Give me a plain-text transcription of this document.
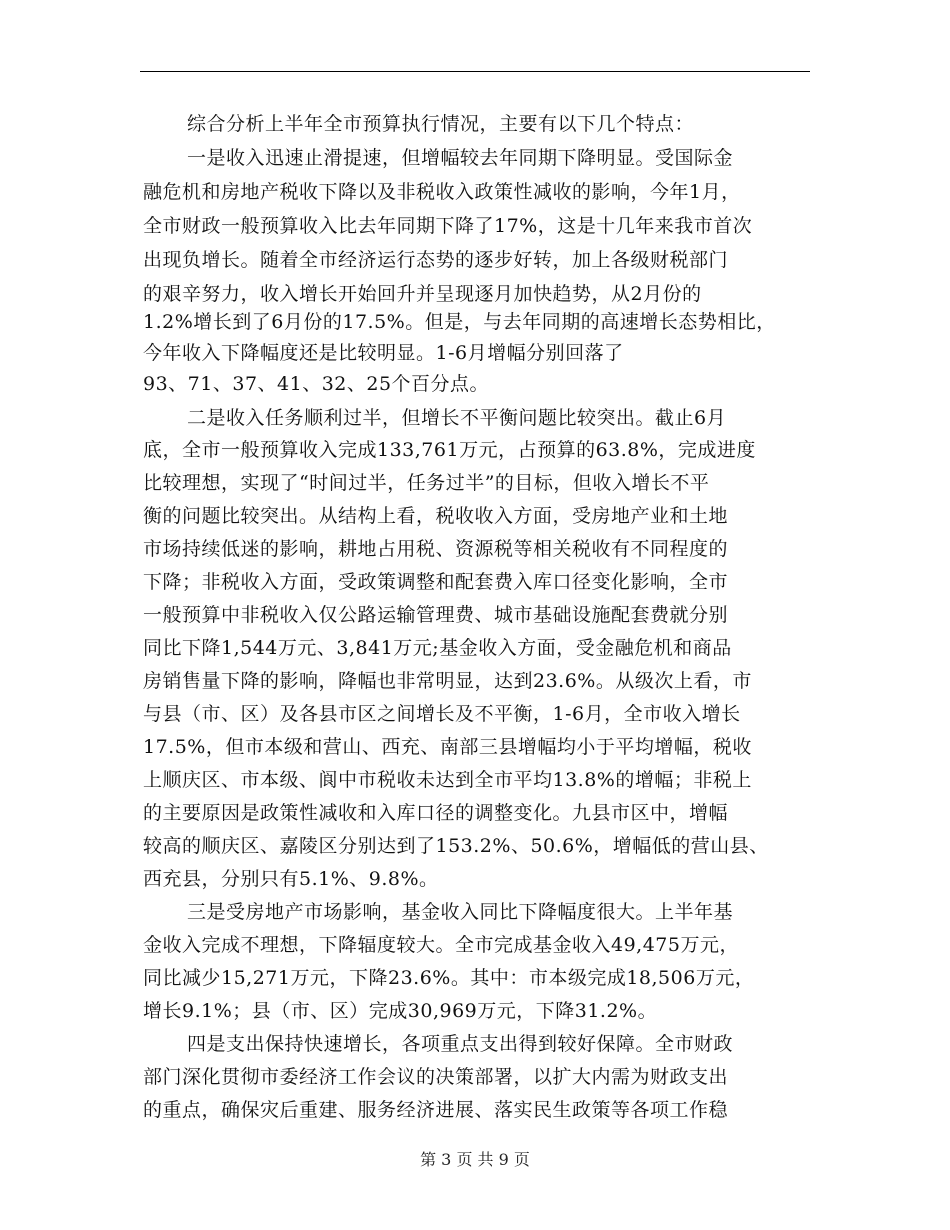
综合分析上半年全市预算执行情况，主要有以下几个特点：
一是收入迅速止滑提速，但增幅较去年同期下降明显。受国际金
融危机和房地产税收下降以及非税收入政策性减收的影响，今年1月，
全市财政一般预算收入比去年同期下降了17%，这是十几年来我市首次
出现负增长。随着全市经济运行态势的逐步好转，加上各级财税部门
的艰辛努力，收入增长开始回升并呈现逐月加快趋势，从2月份的
1.2%增长到了6月份的17.5%。但是，与去年同期的高速增长态势相比，
今年收入下降幅度还是比较明显。1-6月增幅分别回落了
93、71、37、41、32、25个百分点。
二是收入任务顺利过半，但增长不平衡问题比较突出。截止6月
底，全市一般预算收入完成133,761万元，占预算的63.8%，完成进度
比较理想，实现了“时间过半，任务过半”的目标，但收入增长不平
衡的问题比较突出。从结构上看，税收收入方面，受房地产业和土地
市场持续低迷的影响，耕地占用税、资源税等相关税收有不同程度的
下降；非税收入方面，受政策调整和配套费入库口径变化影响，全市
一般预算中非税收入仅公路运输管理费、城市基础设施配套费就分别
同比下降1,544万元、3,841万元;基金收入方面，受金融危机和商品
房销售量下降的影响，降幅也非常明显，达到23.6%。从级次上看，市
与县（市、区）及各县市区之间增长及不平衡，1-6月，全市收入增长
17.5%，但市本级和营山、西充、南部三县增幅均小于平均增幅，税收
上顺庆区、市本级、阆中市税收未达到全市平均13.8%的增幅；非税上
的主要原因是政策性减收和入库口径的调整变化。九县市区中，增幅
较高的顺庆区、嘉陵区分别达到了153.2%、50.6%，增幅低的营山县、
西充县，分别只有5.1%、9.8%。
三是受房地产市场影响，基金收入同比下降幅度很大。上半年基
金收入完成不理想，下降辐度较大。全市完成基金收入49,475万元，
同比减少15,271万元，下降23.6%。其中：市本级完成18,506万元，
增长9.1%；县（市、区）完成30,969万元，下降31.2%。
四是支出保持快速增长，各项重点支出得到较好保障。全市财政
部门深化贯彻市委经济工作会议的决策部署，以扩大内需为财政支出
的重点，确保灾后重建、服务经济进展、落实民生政策等各项工作稳
第 3 页 共 9 页
